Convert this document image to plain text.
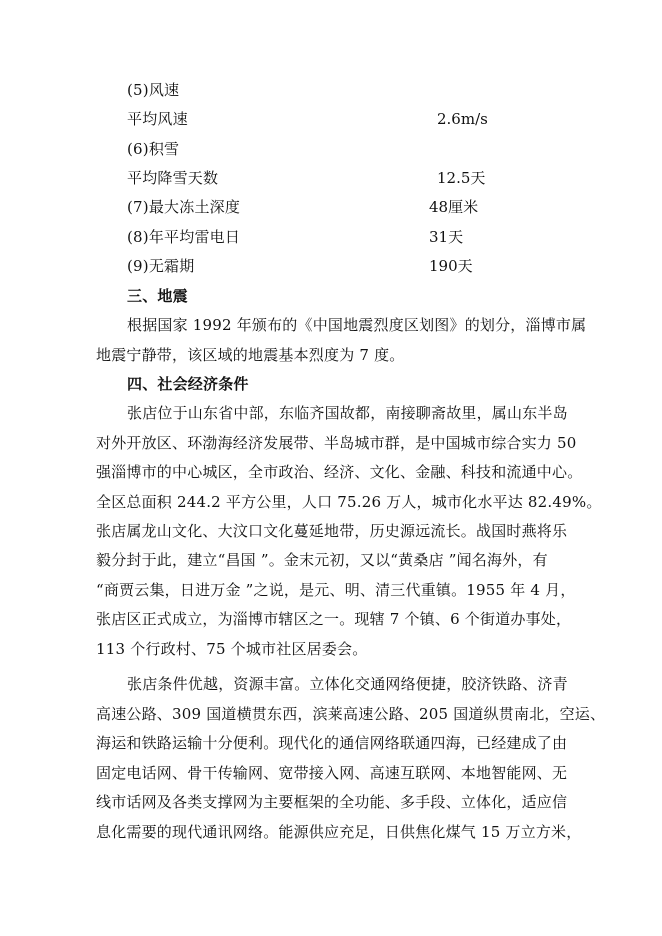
(5)风速
平均风速	2.6m/s
(6)积雪
平均降雪天数	12.5天
(7)最大冻土深度	48厘米
(8)年平均雷电日	31天
(9)无霜期	190天
三、地震
根据国家 1992 年颁布的《中国地震烈度区划图》的划分，淄博市属
地震宁静带，该区域的地震基本烈度为 7 度。
四、社会经济条件
张店位于山东省中部，东临齐国故都，南接聊斋故里，属山东半岛
对外开放区、环渤海经济发展带、半岛城市群，是中国城市综合实力 50
强淄博市的中心城区，全市政治、经济、文化、金融、科技和流通中心。
全区总面积 244.2 平方公里，人口 75.26 万人，城市化水平达 82.49%。
张店属龙山文化、大汶口文化蔓延地带，历史源远流长。战国时燕将乐
毅分封于此，建立“昌国 ”。金末元初，又以“黄桑店 ”闻名海外，有
“商贾云集，日进万金 ”之说，是元、明、清三代重镇。1955 年 4 月，
张店区正式成立，为淄博市辖区之一。现辖 7 个镇、6 个街道办事处，
113 个行政村、75 个城市社区居委会。
张店条件优越，资源丰富。立体化交通网络便捷，胶济铁路、济青
高速公路、309 国道横贯东西，滨莱高速公路、205 国道纵贯南北，空运、
海运和铁路运输十分便利。现代化的通信网络联通四海，已经建成了由
固定电话网、骨干传输网、宽带接入网、高速互联网、本地智能网、无
线市话网及各类支撑网为主要框架的全功能、多手段、立体化，适应信
息化需要的现代通讯网络。能源供应充足，日供焦化煤气 15 万立方米，
